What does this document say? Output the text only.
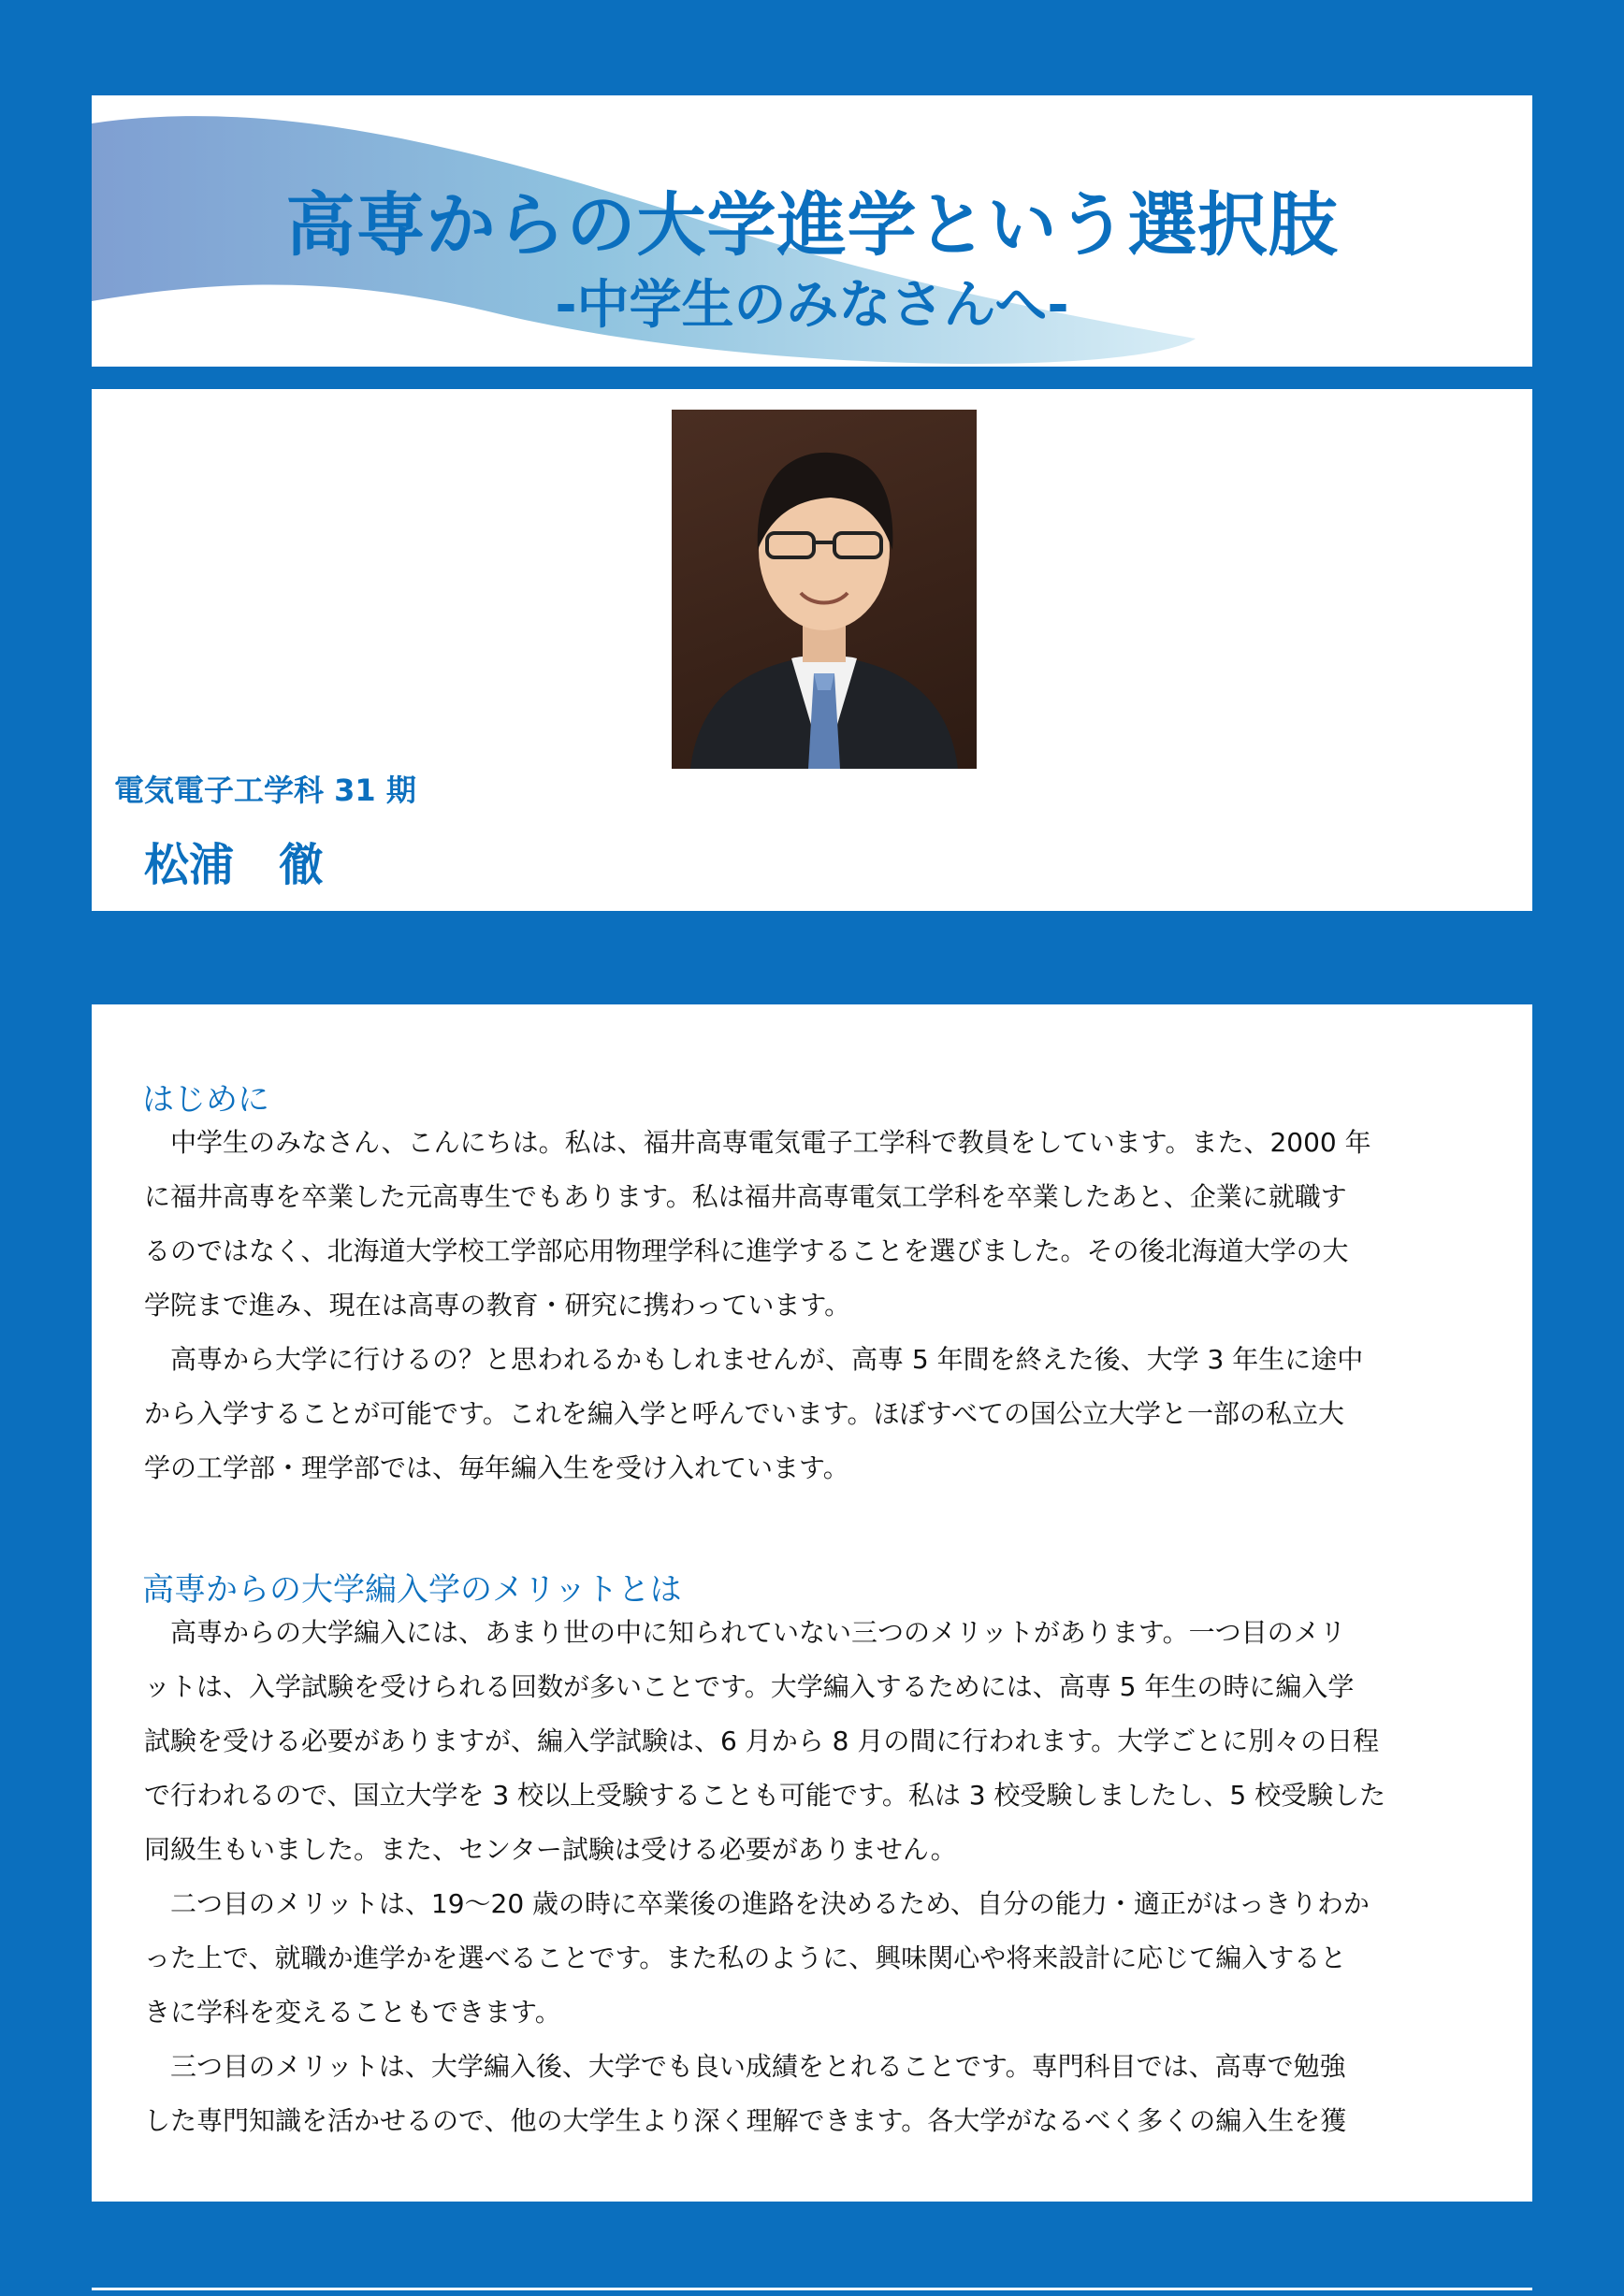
高専からの大学進学という選択肢
-中学生のみなさんへ-
電気電子工学科 31 期
松浦　徹
はじめに
中学生のみなさん、こんにちは。私は、福井高専電気電子工学科で教員をしています。また、2000 年
に福井高専を卒業した元高専生でもあります。私は福井高専電気工学科を卒業したあと、企業に就職す
るのではなく、北海道大学校工学部応用物理学科に進学することを選びました。その後北海道大学の大
学院まで進み、現在は高専の教育・研究に携わっています。
高専から大学に行けるの？と思われるかもしれませんが、高専 5 年間を終えた後、大学 3 年生に途中
から入学することが可能です。これを編入学と呼んでいます。ほぼすべての国公立大学と一部の私立大
学の工学部・理学部では、毎年編入生を受け入れています。
高専からの大学編入学のメリットとは
高専からの大学編入には、あまり世の中に知られていない三つのメリットがあります。一つ目のメリ
ットは、入学試験を受けられる回数が多いことです。大学編入するためには、高専 5 年生の時に編入学
試験を受ける必要がありますが、編入学試験は、6 月から 8 月の間に行われます。大学ごとに別々の日程
で行われるので、国立大学を 3 校以上受験することも可能です。私は 3 校受験しましたし、5 校受験した
同級生もいました。また、センター試験は受ける必要がありません。
二つ目のメリットは、19～20 歳の時に卒業後の進路を決めるため、自分の能力・適正がはっきりわか
った上で、就職か進学かを選べることです。また私のように、興味関心や将来設計に応じて編入すると
きに学科を変えることもできます。
三つ目のメリットは、大学編入後、大学でも良い成績をとれることです。専門科目では、高専で勉強
した専門知識を活かせるので、他の大学生より深く理解できます。各大学がなるべく多くの編入生を獲
